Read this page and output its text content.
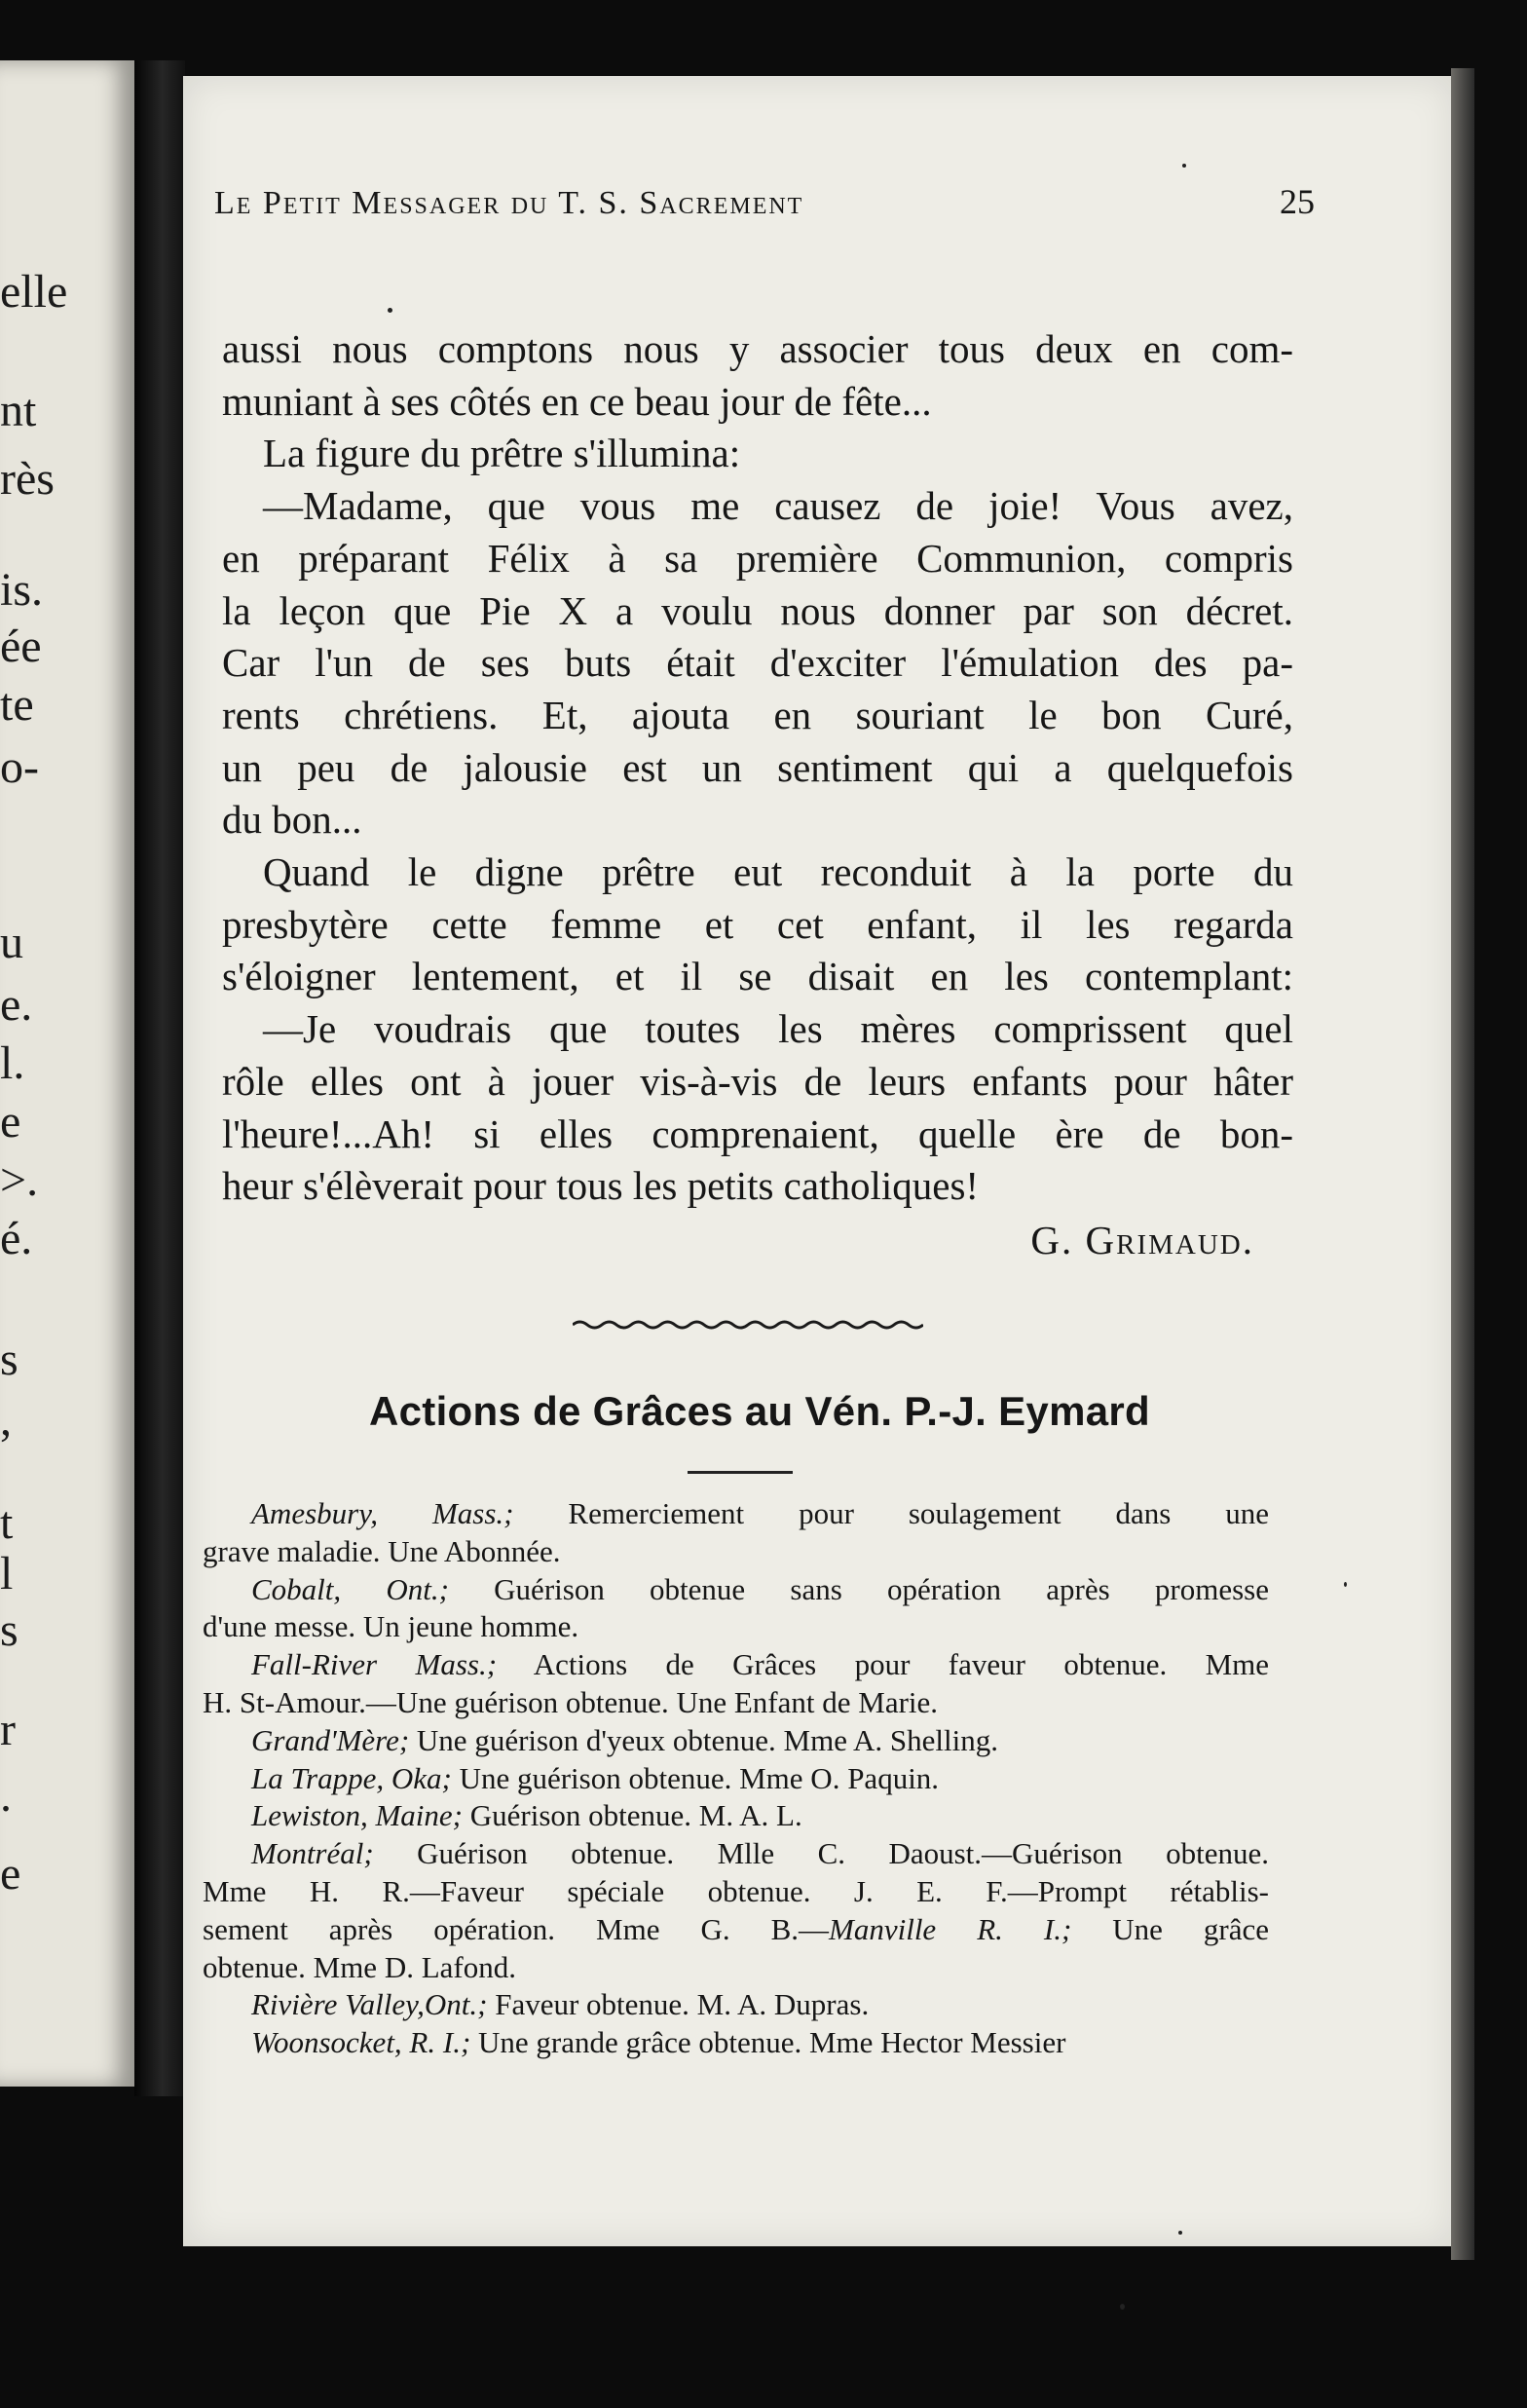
elle
nt
rès
is.
ée
te
o-
u
e.
l.
e
>.
é.
s
,
t
l
s
r
.
e
Le Petit Messager du T. S. Sacrement	25

aussi nous comptons nous y associer tous deux en com-

muniant à ses côtés en ce beau jour de fête...

La figure du prêtre s'illumina:

—Madame, que vous me causez de joie! Vous avez,

en préparant Félix à sa première Communion, compris

la leçon que Pie X a voulu nous donner par son décret.

Car l'un de ses buts était d'exciter l'émulation des pa-

rents chrétiens. Et, ajouta en souriant le bon Curé,

un peu de jalousie est un sentiment qui a quelquefois

du bon...

Quand le digne prêtre eut reconduit à la porte du

presbytère cette femme et cet enfant, il les regarda

s'éloigner lentement, et il se disait en les contemplant:

—Je voudrais que toutes les mères comprissent quel

rôle elles ont à jouer vis-à-vis de leurs enfants pour hâter

l'heure!...Ah! si elles comprenaient, quelle ère de bon-

heur s'élèverait pour tous les petits catholiques!

G. Grimaud.

Actions de Grâces au Vén. P.-J. Eymard

Amesbury, Mass.; Remerciement pour soulagement dans une

grave maladie. Une Abonnée.

Cobalt, Ont.; Guérison obtenue sans opération après promesse

d'une messe. Un jeune homme.

Fall-River Mass.; Actions de Grâces pour faveur obtenue. Mme

H. St-Amour.—Une guérison obtenue. Une Enfant de Marie.

Grand'Mère; Une guérison d'yeux obtenue. Mme A. Shelling.

La Trappe, Oka; Une guérison obtenue. Mme O. Paquin.

Lewiston, Maine; Guérison obtenue. M. A. L.

Montréal; Guérison obtenue. Mlle C. Daoust.—Guérison obtenue.

Mme H. R.—Faveur spéciale obtenue. J. E. F.—Prompt rétablis-

sement après opération. Mme G. B.—Manville R. I.; Une grâce

obtenue. Mme D. Lafond.

Rivière Valley,Ont.; Faveur obtenue. M. A. Dupras.

Woonsocket, R. I.; Une grande grâce obtenue. Mme Hector Messier
